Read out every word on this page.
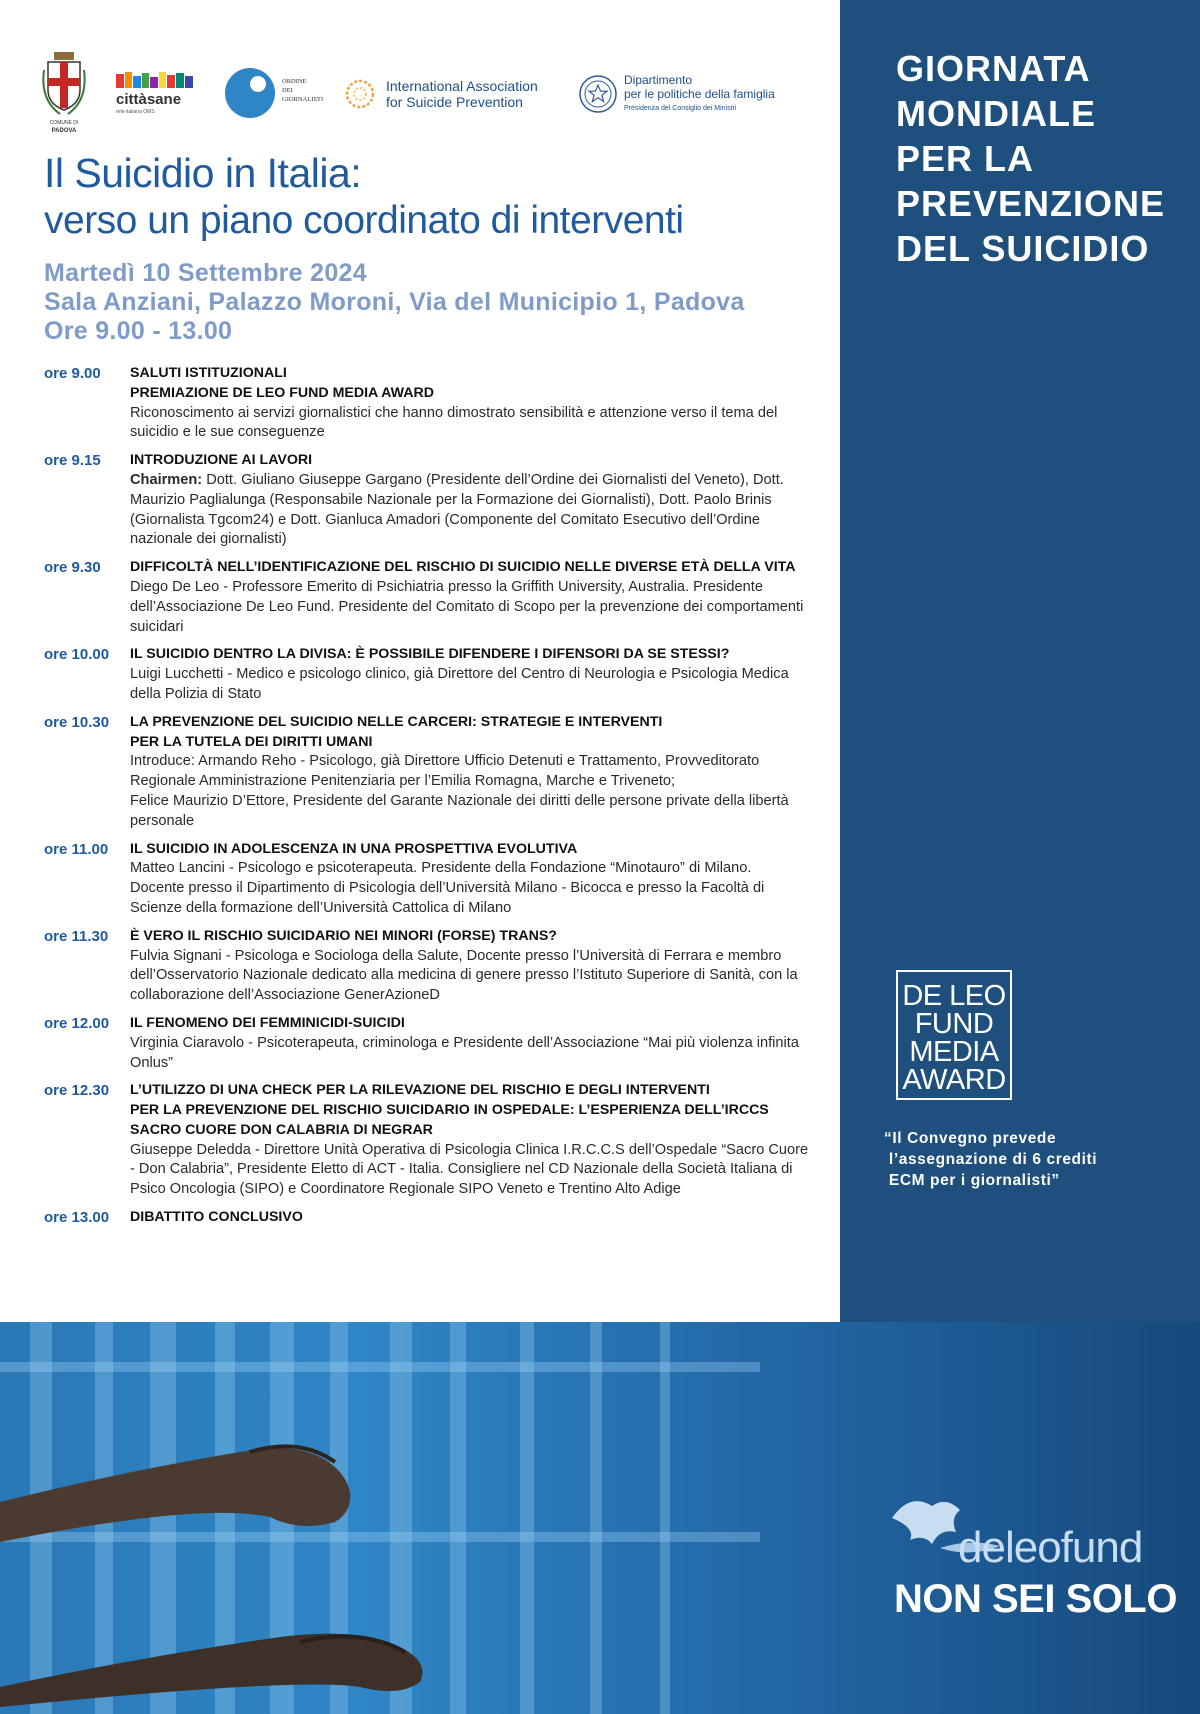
COMUNE DI
PADOVA
cittàsane
rete italiana OMS
ORDINE
DEI
GIORNALISTI
International Association
for Suicide Prevention
Dipartimento
per le politiche della famiglia
Presidenza del Consiglio dei Ministri
Il Suicidio in Italia:
verso un piano coordinato di interventi
Martedì 10 Settembre 2024
Sala Anziani, Palazzo Moroni, Via del Municipio 1, Padova
Ore 9.00 - 13.00
ore 9.00	SALUTI ISTITUZIONALI
PREMIAZIONE DE LEO FUND MEDIA AWARD
Riconoscimento ai servizi giornalistici che hanno dimostrato sensibilità e attenzione verso il tema del suicidio e le sue conseguenze
ore 9.15	INTRODUZIONE AI LAVORI
Chairmen: Dott. Giuliano Giuseppe Gargano (Presidente dell’Ordine dei Giornalisti del Veneto), Dott. Maurizio Paglialunga (Responsabile Nazionale per la Formazione dei Giornalisti), Dott. Paolo Brinis (Giornalista Tgcom24) e Dott. Gianluca Amadori (Componente del Comitato Esecutivo dell’Ordine nazionale dei giornalisti)
ore 9.30	DIFFICOLTÀ NELL’IDENTIFICAZIONE DEL RISCHIO DI SUICIDIO NELLE DIVERSE ETÀ DELLA VITA
Diego De Leo - Professore Emerito di Psichiatria presso la Griffith University, Australia. Presidente dell’Associazione De Leo Fund. Presidente del Comitato di Scopo per la prevenzione dei comportamenti suicidari
ore 10.00	IL SUICIDIO DENTRO LA DIVISA: È POSSIBILE DIFENDERE I DIFENSORI DA SE STESSI?
Luigi Lucchetti - Medico e psicologo clinico, già Direttore del Centro di Neurologia e Psicologia Medica della Polizia di Stato
ore 10.30	LA PREVENZIONE DEL SUICIDIO NELLE CARCERI: STRATEGIE E INTERVENTI
PER LA TUTELA DEI DIRITTI UMANI
Introduce: Armando Reho - Psicologo, già Direttore Ufficio Detenuti e Trattamento, Provveditorato Regionale Amministrazione Penitenziaria per l’Emilia Romagna, Marche e Triveneto;
Felice Maurizio D’Ettore, Presidente del Garante Nazionale dei diritti delle persone private della libertà personale
ore 11.00	IL SUICIDIO IN ADOLESCENZA IN UNA PROSPETTIVA EVOLUTIVA
Matteo Lancini - Psicologo e psicoterapeuta. Presidente della Fondazione “Minotauro” di Milano. Docente presso il Dipartimento di Psicologia dell’Università Milano - Bicocca e presso la Facoltà di Scienze della formazione dell’Università Cattolica di Milano
ore 11.30	È VERO IL RISCHIO SUICIDARIO NEI MINORI (FORSE) TRANS?
Fulvia Signani - Psicologa e Sociologa della Salute, Docente presso l’Università di Ferrara e membro dell’Osservatorio Nazionale dedicato alla medicina di genere presso l’Istituto Superiore di Sanità, con la collaborazione dell’Associazione GenerAzioneD
ore 12.00	IL FENOMENO DEI FEMMINICIDI-SUICIDI
Virginia Ciaravolo - Psicoterapeuta, criminologa e Presidente dell’Associazione “Mai più violenza infinita Onlus”
ore 12.30	L’UTILIZZO DI UNA CHECK PER LA RILEVAZIONE DEL RISCHIO E DEGLI INTERVENTI
PER LA PREVENZIONE DEL RISCHIO SUICIDARIO IN OSPEDALE: L’ESPERIENZA DELL’IRCCS
SACRO CUORE DON CALABRIA DI NEGRAR
Giuseppe Deledda - Direttore Unità Operativa di Psicologia Clinica I.R.C.C.S dell’Ospedale “Sacro Cuore - Don Calabria”, Presidente Eletto di ACT - Italia. Consigliere nel CD Nazionale della Società Italiana di Psico Oncologia (SIPO) e Coordinatore Regionale SIPO Veneto e Trentino Alto Adige
ore 13.00	DIBATTITO CONCLUSIVO
GIORNATA
MONDIALE
PER LA
PREVENZIONE
DEL SUICIDIO
DE LEO
FUND
MEDIA
AWARD
“Il Convegno prevede
l’assegnazione di 6 crediti
ECM per i giornalisti”
deleofund
NON SEI SOLO
